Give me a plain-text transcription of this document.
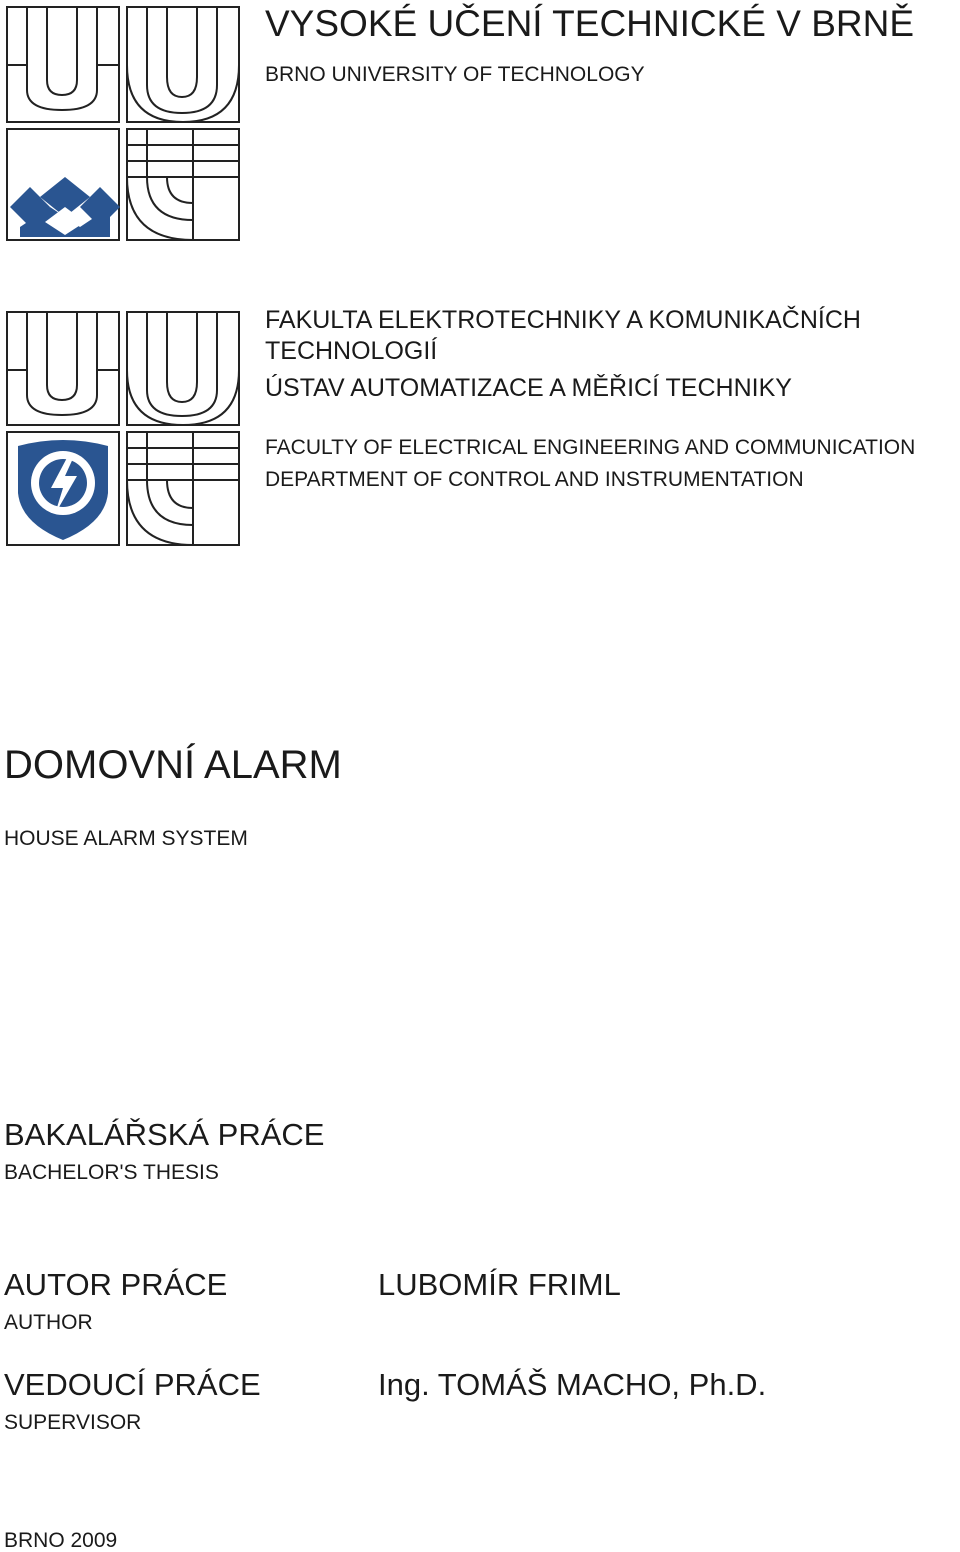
VYSOKÉ UČENÍ TECHNICKÉ V BRNĚ
BRNO UNIVERSITY OF TECHNOLOGY
FAKULTA ELEKTROTECHNIKY A KOMUNIKAČNÍCH
TECHNOLOGIÍ
ÚSTAV AUTOMATIZACE A MĚŘICÍ TECHNIKY
FACULTY OF ELECTRICAL ENGINEERING AND COMMUNICATION
DEPARTMENT OF CONTROL AND INSTRUMENTATION
DOMOVNÍ ALARM
HOUSE ALARM SYSTEM
BAKALÁŘSKÁ PRÁCE
BACHELOR'S THESIS
AUTOR PRÁCE
AUTHOR
LUBOMÍR FRIML
VEDOUCÍ PRÁCE
SUPERVISOR
Ing. TOMÁŠ MACHO, Ph.D.
BRNO 2009
